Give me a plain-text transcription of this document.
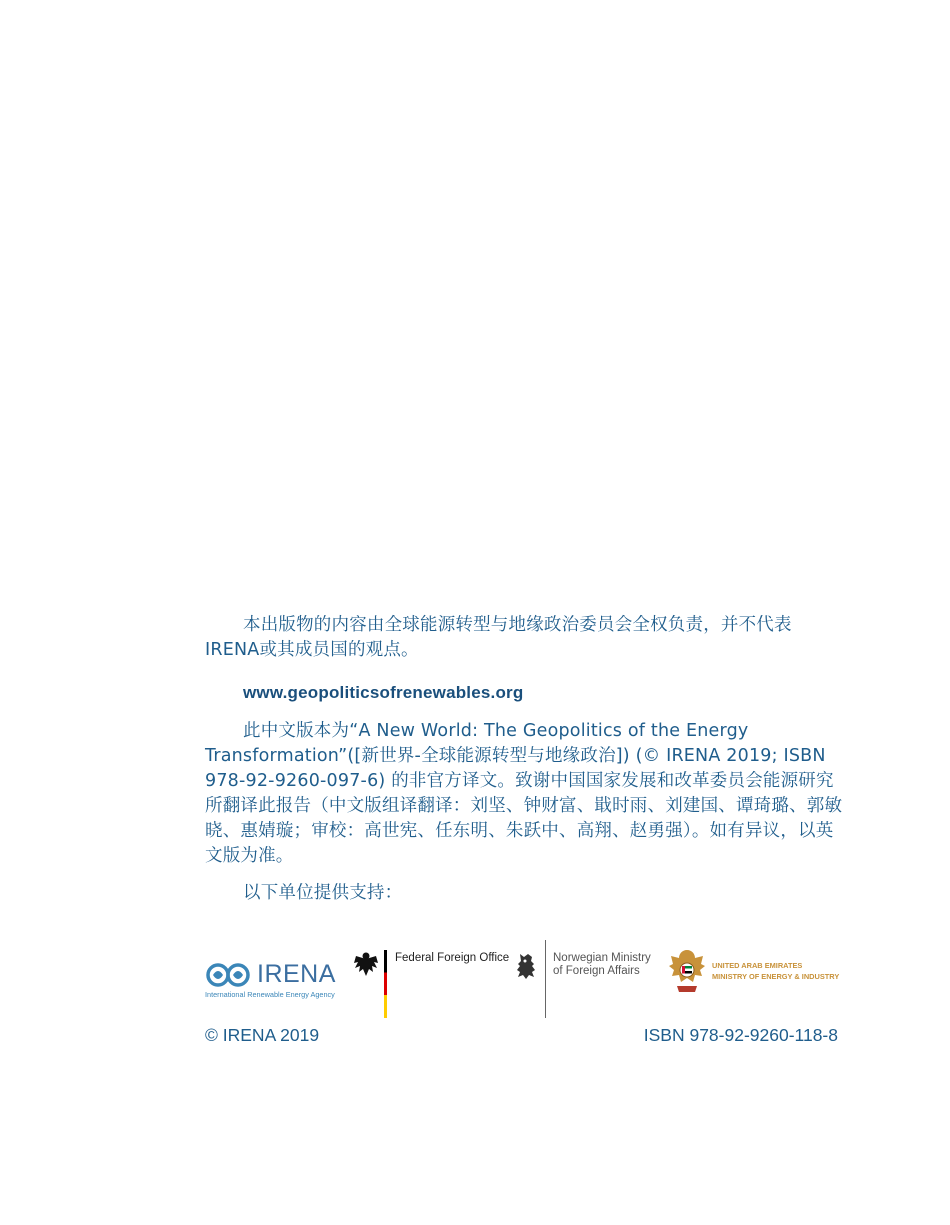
本出版物的内容由全球能源转型与地缘政治委员会全权负责，并不代表IRENA或其成员国的观点。

www.geopoliticsofrenewables.org

此中文版本为“A New World: The Geopolitics of the Energy Transformation”([新世界-全球能源转型与地缘政治]) (© IRENA 2019; ISBN 978-92-9260-097-6) 的非官方译文。致谢中国国家发展和改革委员会能源研究所翻译此报告（中文版组译翻译：刘坚、钟财富、戢时雨、刘建国、谭琦璐、郭敏晓、惠婧璇；审校：高世宪、任东明、朱跃中、高翔、赵勇强）。如有异议，以英文版为准。

以下单位提供支持：

IRENA
International Renewable Energy Agency
Federal Foreign Office	Norwegian Ministry
of Foreign Affairs	UNITED ARAB EMIRATES
MINISTRY OF ENERGY & INDUSTRY
© IRENA 2019	ISBN 978-92-9260-118-8
